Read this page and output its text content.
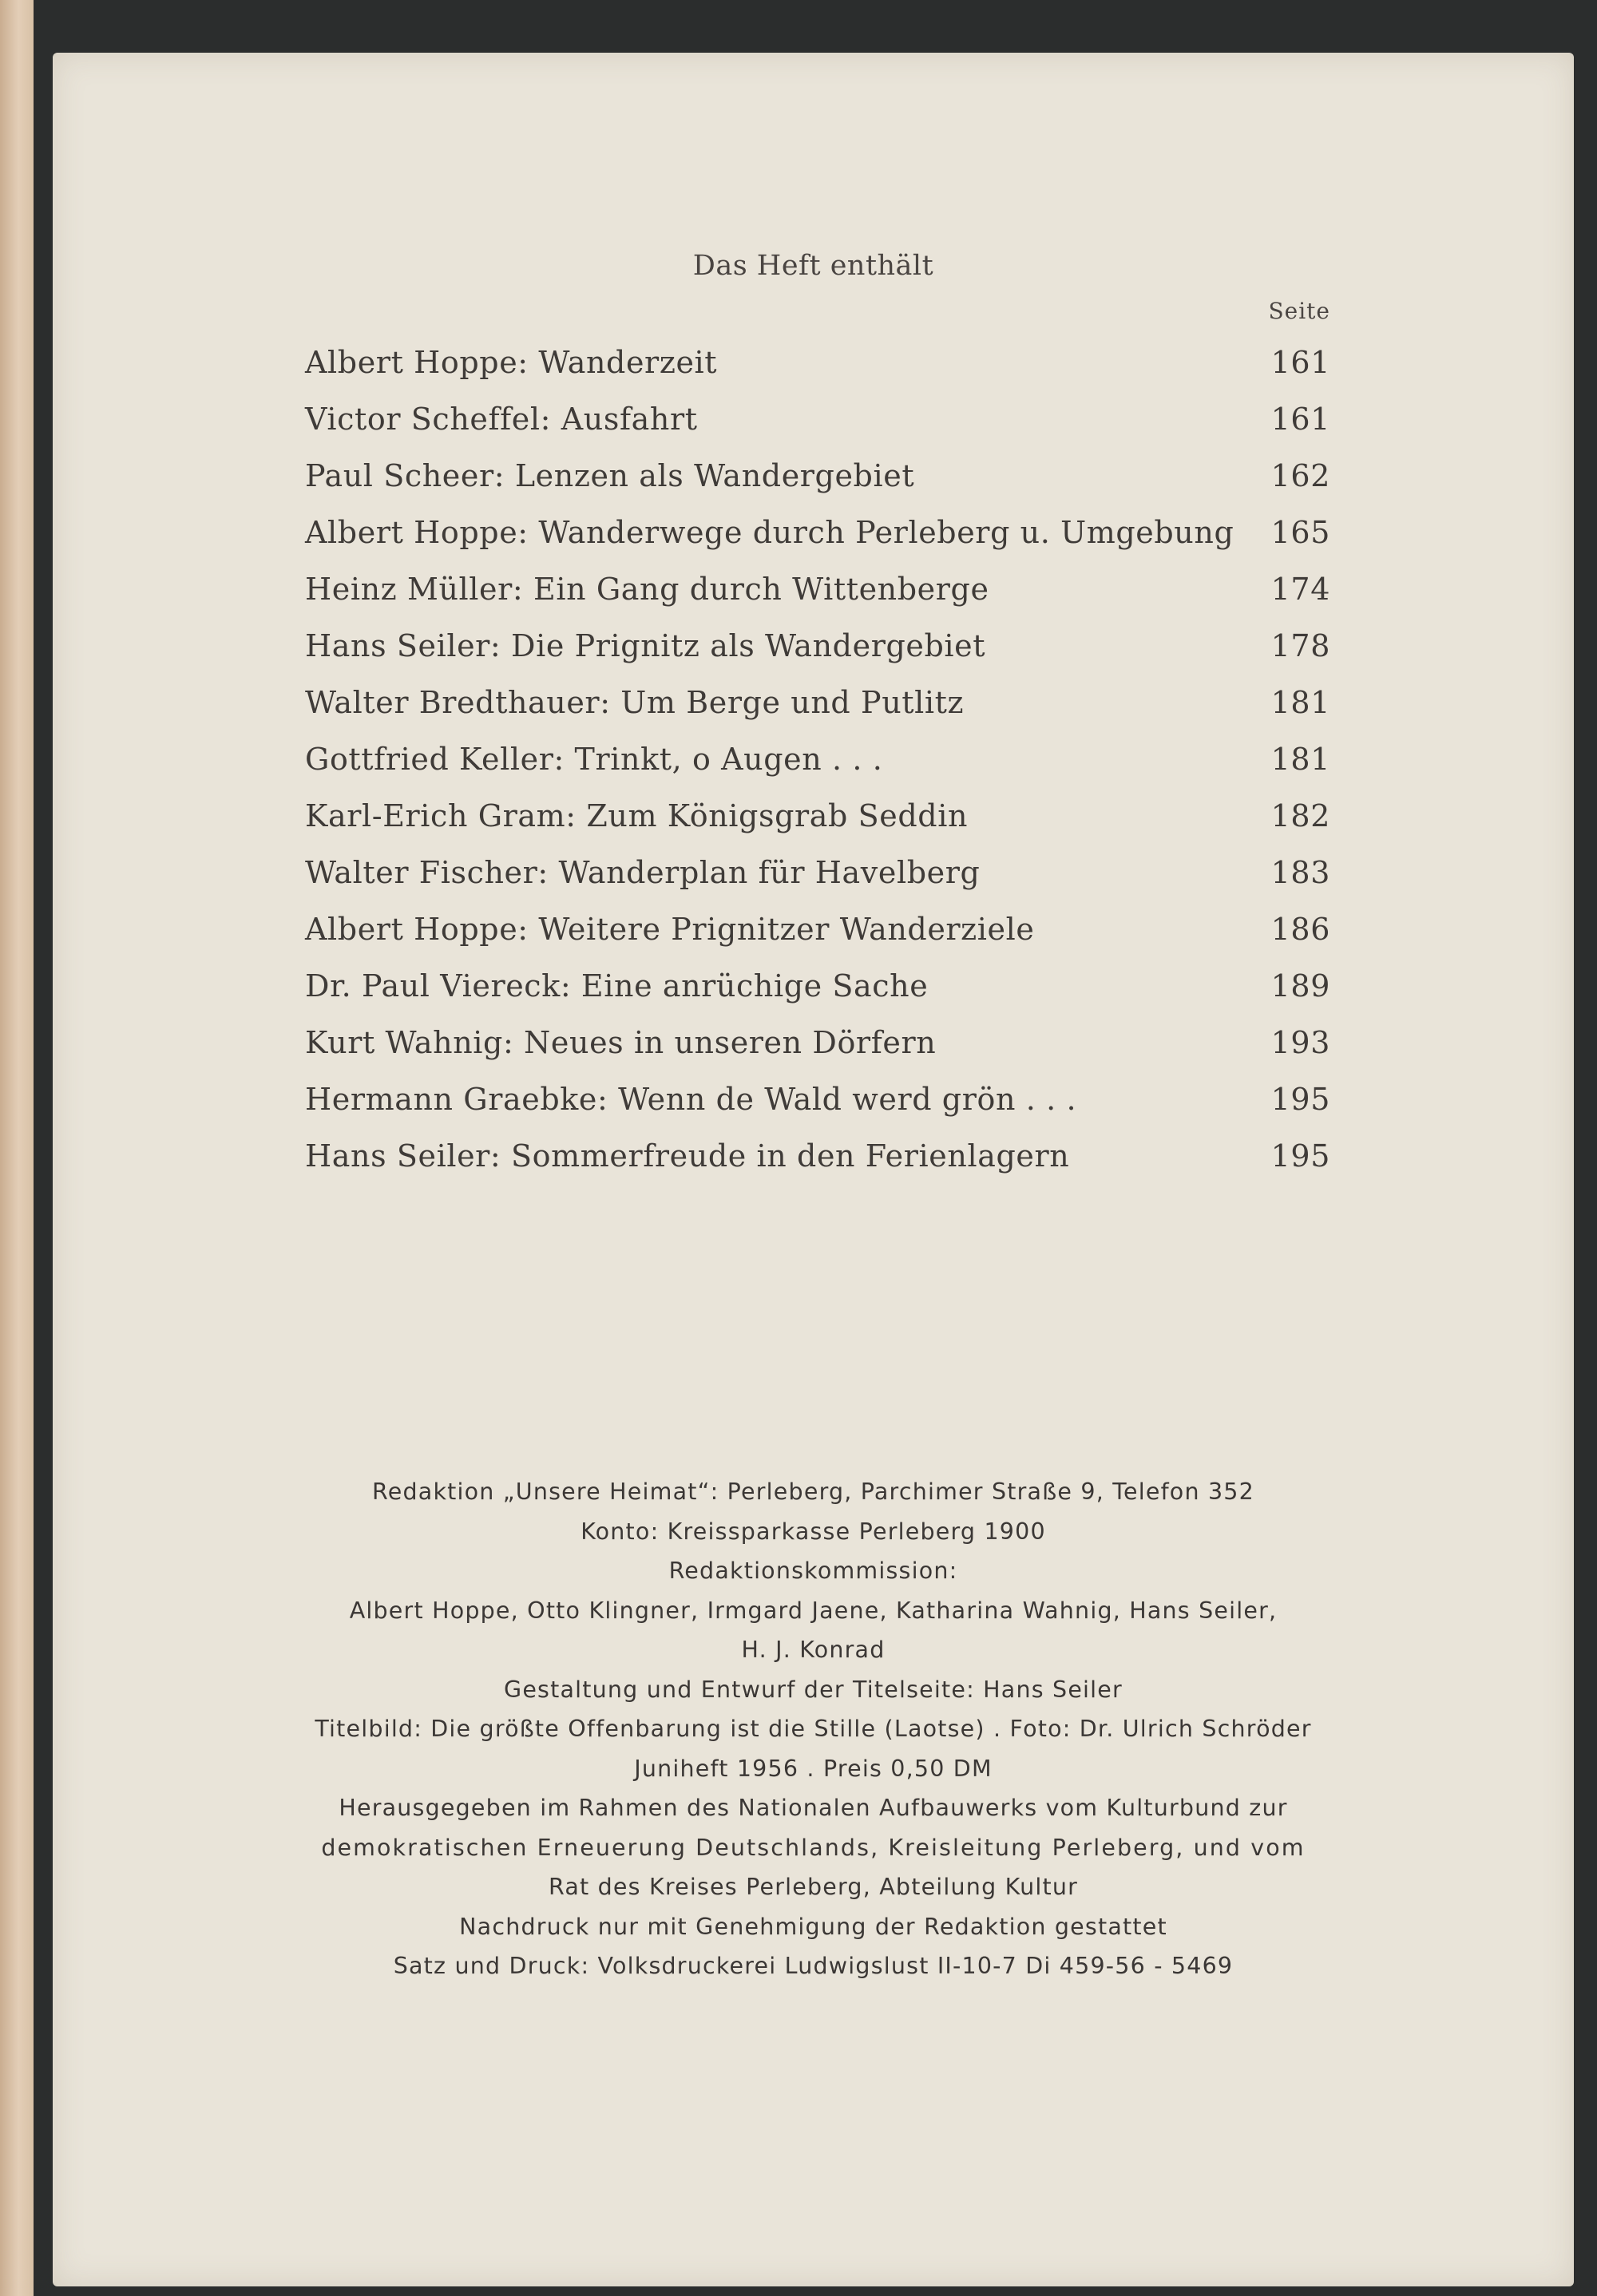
Das Heft enthält
Seite
Albert Hoppe: Wanderzeit	161
Victor Scheffel: Ausfahrt	161
Paul Scheer: Lenzen als Wandergebiet	162
Albert Hoppe: Wanderwege durch Perleberg u. Umgebung 165
Heinz Müller: Ein Gang durch Wittenberge	174
Hans Seiler: Die Prignitz als Wandergebiet	178
Walter Bredthauer: Um Berge und Putlitz	181
Gottfried Keller: Trinkt, o Augen . . .	181
Karl-Erich Gram: Zum Königsgrab Seddin	182
Walter Fischer: Wanderplan für Havelberg	183
Albert Hoppe: Weitere Prignitzer Wanderziele	186
Dr. Paul Viereck: Eine anrüchige Sache	189
Kurt Wahnig: Neues in unseren Dörfern	193
Hermann Graebke: Wenn de Wald werd grön . . .	195
Hans Seiler: Sommerfreude in den Ferienlagern	195
Redaktion „Unsere Heimat“: Perleberg, Parchimer Straße 9, Telefon 352
Konto: Kreissparkasse Perleberg 1900
Redaktionskommission:
Albert Hoppe, Otto Klingner, Irmgard Jaene, Katharina Wahnig, Hans Seiler,
H. J. Konrad
Gestaltung und Entwurf der Titelseite: Hans Seiler
Titelbild: Die größte Offenbarung ist die Stille (Laotse) . Foto: Dr. Ulrich Schröder
Juniheft 1956 . Preis 0,50 DM
Herausgegeben im Rahmen des Nationalen Aufbauwerks vom Kulturbund zur
demokratischen Erneuerung Deutschlands, Kreisleitung Perleberg, und vom
Rat des Kreises Perleberg, Abteilung Kultur
Nachdruck nur mit Genehmigung der Redaktion gestattet
Satz und Druck: Volksdruckerei Ludwigslust II-10-7 Di 459-56 - 5469
